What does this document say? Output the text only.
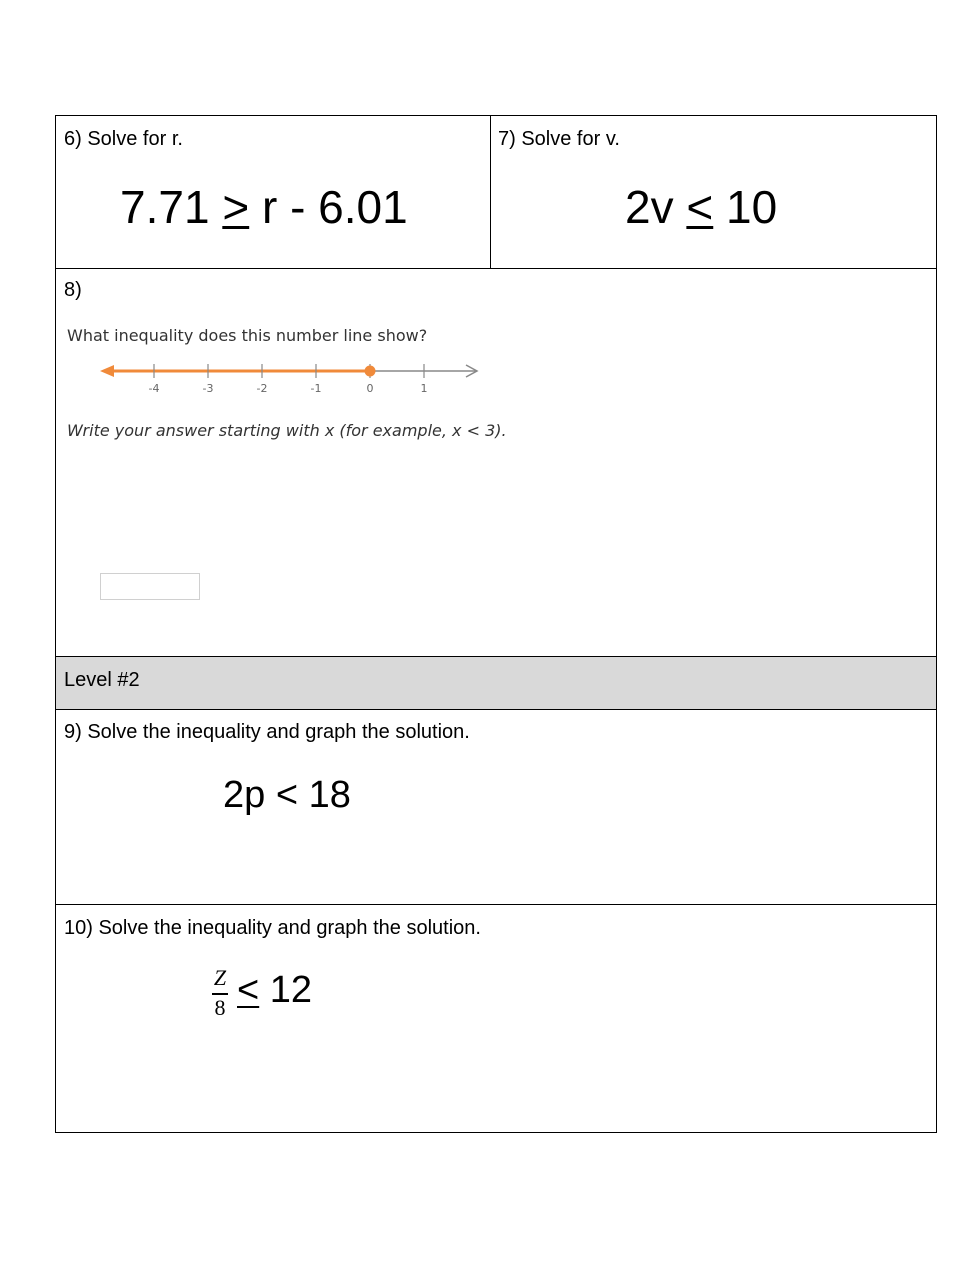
6) Solve for r.
7.71 > r - 6.01
7) Solve for v.
2v < 10
8)
What inequality does this number line show?
-4	-3	-2	-1	0	1
Write your answer starting with x (for example, x < 3).
Level #2
9) Solve the inequality and graph the solution.
2p < 18
10) Solve the inequality and graph the solution.
Z
8 < 12
